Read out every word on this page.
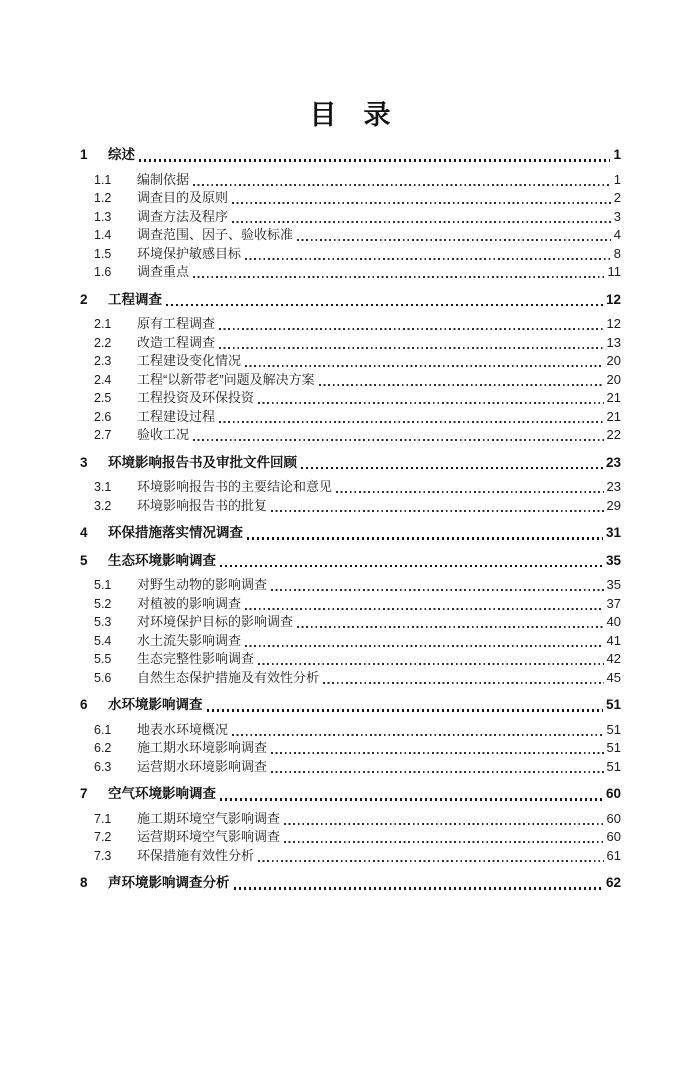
目　录
1	综述	1
1.1	编制依据	1
1.2	调查目的及原则	2
1.3	调查方法及程序	3
1.4	调查范围、因子、验收标准	4
1.5	环境保护敏感目标	8
1.6	调查重点	11
2	工程调查	12
2.1	原有工程调查	12
2.2	改造工程调查	13
2.3	工程建设变化情况	20
2.4	工程“以新带老”问题及解决方案	20
2.5	工程投资及环保投资	21
2.6	工程建设过程	21
2.7	验收工况	22
3	环境影响报告书及审批文件回顾	23
3.1	环境影响报告书的主要结论和意见	23
3.2	环境影响报告书的批复	29
4	环保措施落实情况调查	31
5	生态环境影响调查	35
5.1	对野生动物的影响调查	35
5.2	对植被的影响调查	37
5.3	对环境保护目标的影响调查	40
5.4	水土流失影响调查	41
5.5	生态完整性影响调查	42
5.6	自然生态保护措施及有效性分析	45
6	水环境影响调查	51
6.1	地表水环境概况	51
6.2	施工期水环境影响调查	51
6.3	运营期水环境影响调查	51
7	空气环境影响调查	60
7.1	施工期环境空气影响调查	60
7.2	运营期环境空气影响调查	60
7.3	环保措施有效性分析	61
8	声环境影响调查分析	62
